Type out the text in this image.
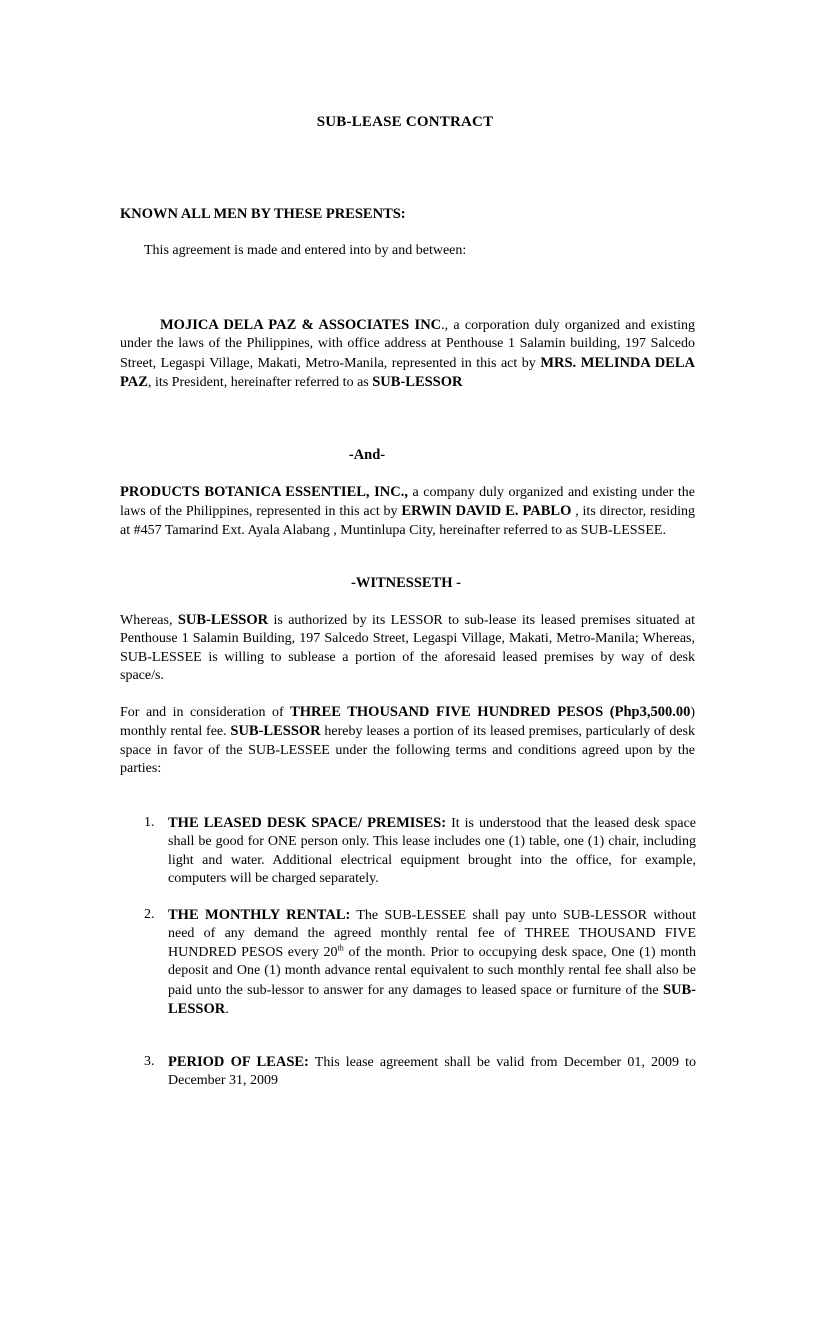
SUB-LEASE CONTRACT
KNOWN ALL MEN BY THESE PRESENTS:
This agreement is made and entered into by and between:
MOJICA DELA PAZ & ASSOCIATES INC., a corporation duly organized and existing under the laws of the Philippines, with office address at Penthouse 1 Salamin building, 197 Salcedo Street, Legaspi Village, Makati, Metro-Manila, represented in this act by MRS. MELINDA DELA PAZ, its President, hereinafter referred to as SUB-LESSOR
-And-
PRODUCTS BOTANICA ESSENTIEL, INC., a company duly organized and existing under the laws of the Philippines, represented in this act by ERWIN DAVID E. PABLO , its director, residing at #457 Tamarind Ext. Ayala Alabang , Muntinlupa City, hereinafter referred to as SUB-LESSEE.
-WITNESSETH -
Whereas, SUB-LESSOR is authorized by its LESSOR to sub-lease its leased premises situated at Penthouse 1 Salamin Building, 197 Salcedo Street, Legaspi Village, Makati, Metro-Manila; Whereas, SUB-LESSEE is willing to sublease a portion of the aforesaid leased premises by way of desk space/s.
For and in consideration of THREE THOUSAND FIVE HUNDRED PESOS (Php3,500.00) monthly rental fee. SUB-LESSOR hereby leases a portion of its leased premises, particularly of desk space in favor of the SUB-LESSEE under the following terms and conditions agreed upon by the parties:
1. THE LEASED DESK SPACE/ PREMISES: It is understood that the leased desk space shall be good for ONE person only. This lease includes one (1) table, one (1) chair, including light and water. Additional electrical equipment brought into the office, for example, computers will be charged separately.
2. THE MONTHLY RENTAL: The SUB-LESSEE shall pay unto SUB-LESSOR without need of any demand the agreed monthly rental fee of THREE THOUSAND FIVE HUNDRED PESOS every 20th of the month. Prior to occupying desk space, One (1) month deposit and One (1) month advance rental equivalent to such monthly rental fee shall also be paid unto the sub-lessor to answer for any damages to leased space or furniture of the SUB-LESSOR.
3. PERIOD OF LEASE: This lease agreement shall be valid from December 01, 2009 to December 31, 2009
